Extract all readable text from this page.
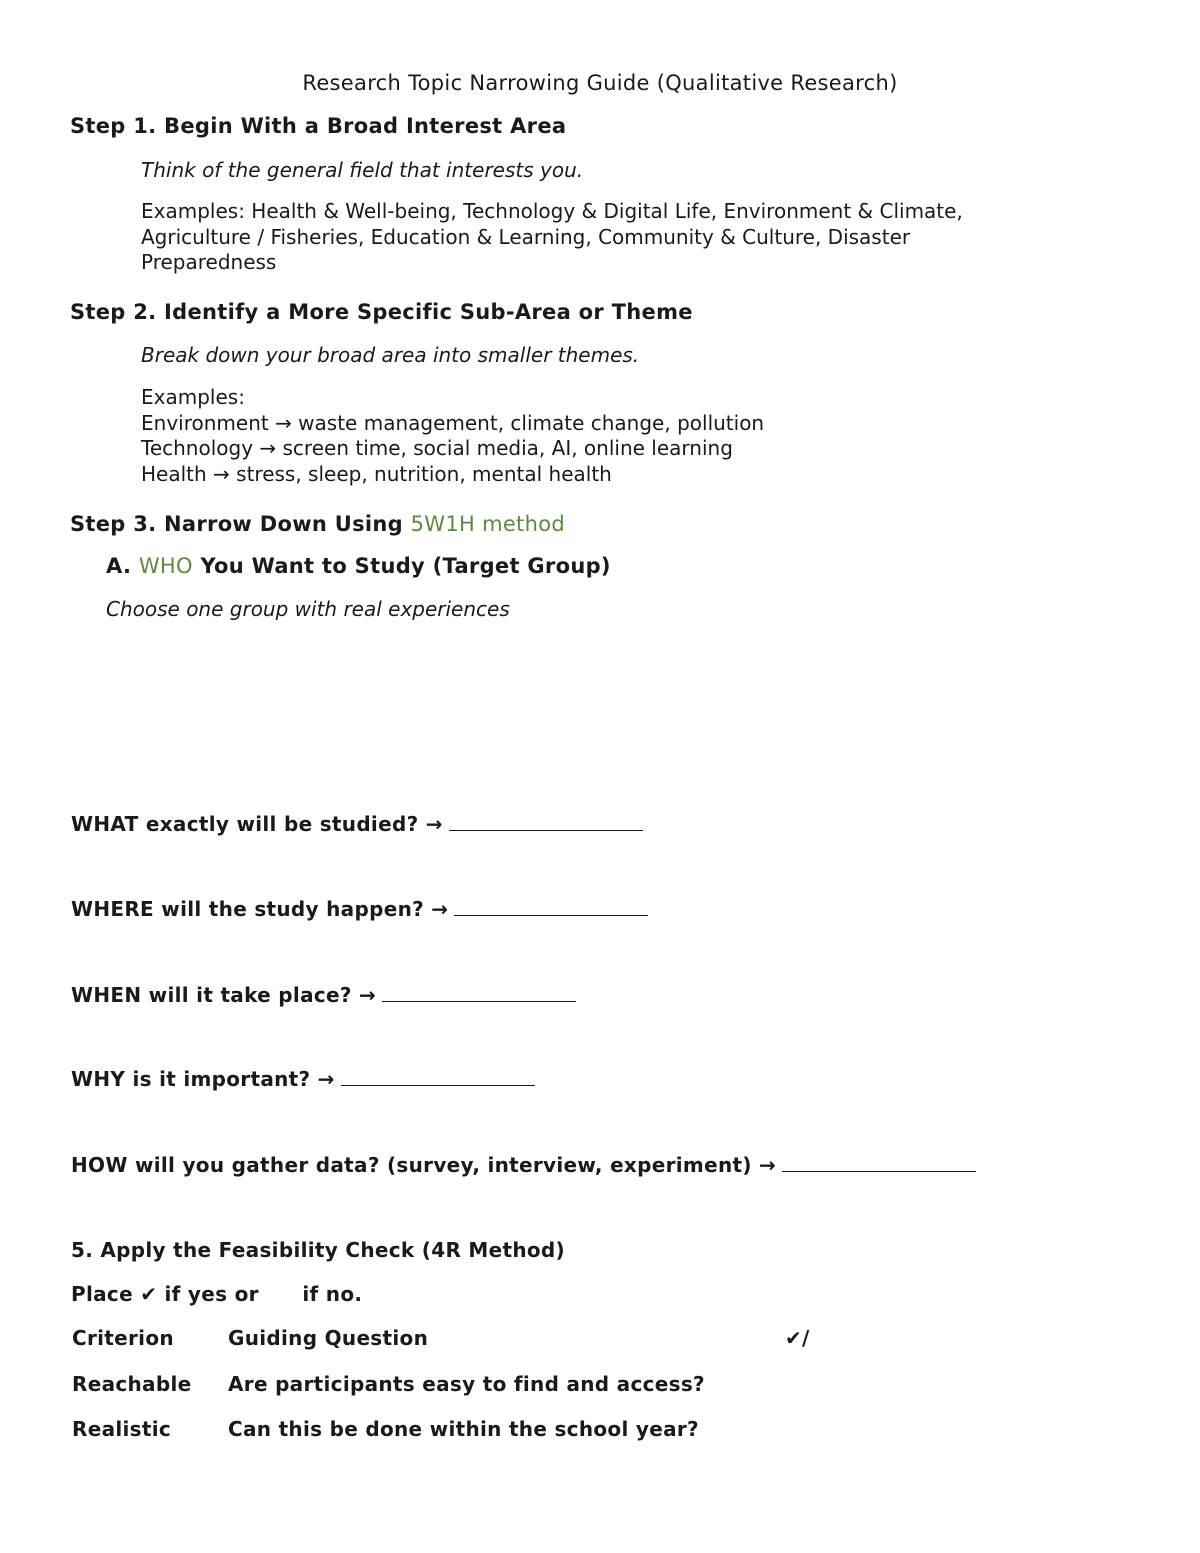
Research Topic Narrowing Guide (Qualitative Research)
Step 1. Begin With a Broad Interest Area
Think of the general field that interests you.
Examples: Health & Well-being, Technology & Digital Life, Environment & Climate,
Agriculture / Fisheries, Education & Learning, Community & Culture, Disaster
Preparedness
Step 2. Identify a More Specific Sub-Area or Theme
Break down your broad area into smaller themes.
Examples:
Environment → waste management, climate change, pollution
Technology → screen time, social media, AI, online learning
Health → stress, sleep, nutrition, mental health
Step 3. Narrow Down Using 5W1H method
A. WHO You Want to Study (Target Group)
Choose one group with real experiences
WHAT exactly will be studied? →
WHERE will the study happen? →
WHEN will it take place? →
WHY is it important? →
HOW will you gather data? (survey, interview, experiment) →
5. Apply the Feasibility Check (4R Method)
Place ✔ if yes or      if no.
Criterion	Guiding Question	✔/
Reachable Are participants easy to find and access?
Realistic	Can this be done within the school year?
